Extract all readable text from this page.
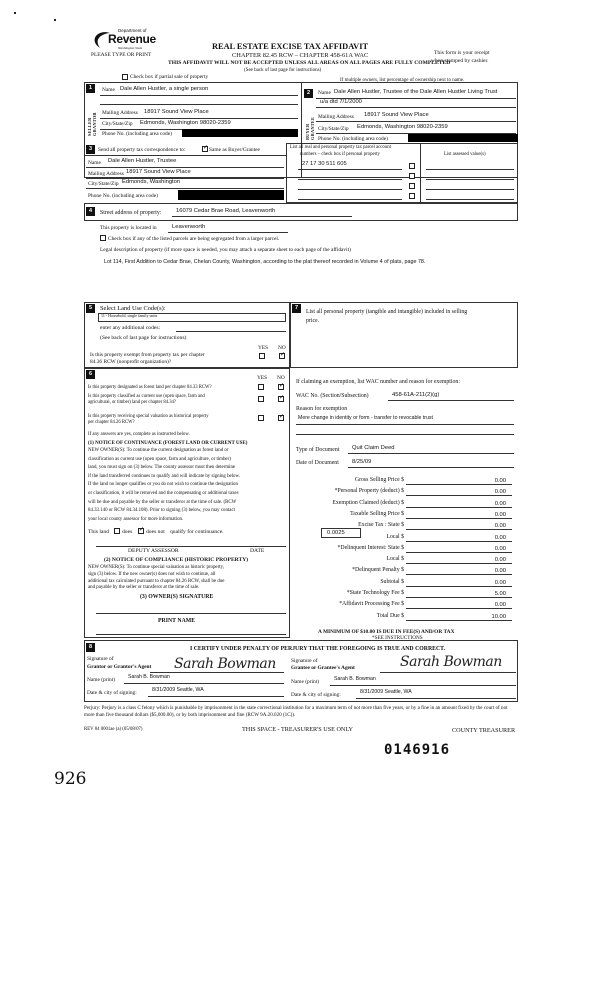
Department of
Revenue
Washington State
PLEASE TYPE OR PRINT
REAL ESTATE EXCISE TAX AFFIDAVIT
CHAPTER 82.45 RCW – CHAPTER 458-61A WAC
THIS AFFIDAVIT WILL NOT BE ACCEPTED UNLESS ALL AREAS ON ALL PAGES ARE FULLY COMPLETED
(See back of last page for instructions)
This form is your receipt
when stamped by cashier.
Check box if partial sale of property
If multiple owners, list percentage of ownership next to name.
1
SELLER GRANTOR
Name Dale Allen Hustler, a single person
Mailing Address 18917 Sound View Place
City/State/Zip Edmonds, Washington 98020-2359
Phone No. (including area code)
2
BUYER GRANTEE
Name Dale Allen Hustler, Trustee of the Dale Allen Hustler Living Trust
u/a dtd 7/1/2000
Mailing Address 18917 Sound View Place
City/State/Zip Edmonds, Washington 98020-2359
Phone No. (including area code)
3	Send all property tax correspondence to: ✓	Same as Buyer/Grantee
Name Dale Allen Hustler, Trustee
Mailing Address 18917 Sound View Place
City/State/Zip Edmonds, Washington
Phone No. (including area code)
List all real and personal property tax parcel account
numbers – check box if personal property	List assessed value(s)
27 17 30 511 605
4	Street address of property:	16079 Cedar Brae Road, Leavenworth
This property is located in	Leavenworth
Check box if any of the listed parcels are being segregated from a larger parcel.
Legal description of property (if more space is needed, you may attach a separate sheet to each page of the affidavit)
Lot 114, First Addition to Cedar Brae, Chelan County, Washington, according to the plat thereof recorded in Volume 4 of plats, page 78.
5	Select Land Use Code(s):
11 - Household, single family units
enter any additional codes:
(See back of last page for instructions)
YES NO
Is this property exempt from property tax per chapter
84.36 RCW (nonprofit organization)?
✓
7
List all personal property (tangible and intangible) included in selling
price.
6
YES NO
Is this property designated as forest land per chapter 84.33 RCW?
✓
Is this property classified as current use (open space, farm and
agricultural, or timber) land per chapter 84.34?
✓
Is this property receiving special valuation as historical property
per chapter 84.26 RCW?
✓
If any answers are yes, complete as instructed below.
(1) NOTICE OF CONTINUANCE (FOREST LAND OR CURRENT USE)
NEW OWNER(S): To continue the current designation as forest land or
classification as current use (open space, farm and agriculture, or timber)
land, you must sign on (3) below. The county assessor must then determine
if the land transferred continues to qualify and will indicate by signing below.
If the land no longer qualifies or you do not wish to continue the designation
or classification, it will be removed and the compensating or additional taxes
will be due and payable by the seller or transferor at the time of sale. (RCW
84.33.140 or RCW 84.34.108). Prior to signing (3) below, you may contact
your local county assessor for more information.
This land does ✓ does not qualify for continuance.
DEPUTY ASSESSOR	DATE
(2) NOTICE OF COMPLIANCE (HISTORIC PROPERTY)
NEW OWNER(S): To continue special valuation as historic property,
sign (3) below. If the new owner(s) does not wish to continue, all
additional tax calculated pursuant to chapter 84.26 RCW, shall be due
and payable by the seller or transferor at the time of sale.
(3) OWNER(S) SIGNATURE
PRINT NAME
If claiming an exemption, list WAC number and reason for exemption:
WAC No. (Section/Subsection)	458-61A-211(2)(g)
Reason for exemption
Mere change in identity or form - transfer to revocable trust
Type of Document Quit Claim Deed
Date of Document 8/25/09
Gross Selling Price $	0.00
*Personal Property (deduct) $	0.00
Exemption Claimed (deduct) $	0.00
Taxable Selling Price $	0.00
Excise Tax : State $	0.00
Local $	0.00
*Delinquent Interest: State $	0.00
Local $	0.00
*Delinquent Penalty $	0.00
Subtotal $	0.00
*State Technology Fee $	5.00
*Affidavit Processing Fee $	0.00
Total Due $	10.00
0.0025
A MINIMUM OF $10.00 IS DUE IN FEE(S) AND/OR TAX
*SEE INSTRUCTIONS
8	I CERTIFY UNDER PENALTY OF PERJURY THAT THE FOREGOING IS TRUE AND CORRECT.
Signature of
Grantor or Grantor's Agent Sarah Bowman
Name (print)	Sarah B. Bowman
Date & city of signing:	8/31/2009 Seattle, WA
Signature of
Grantee or Grantee's Agent	Sarah Bowman
Name (print)	Sarah B. Bowman
Date & city of signing:	8/31/2009 Seattle, WA
Perjury: Perjury is a class C felony which is punishable by imprisonment in the state correctional institution for a maximum term of not more than five years, or by a fine in an amount fixed by the court of not more than five thousand dollars ($5,000.00), or by both imprisonment and fine (RCW 9A.20.020 (1C)).
REV 84 0001ae (a) (05/08/07)	THIS SPACE - TREASURER'S USE ONLY	COUNTY TREASURER
0146916
926
